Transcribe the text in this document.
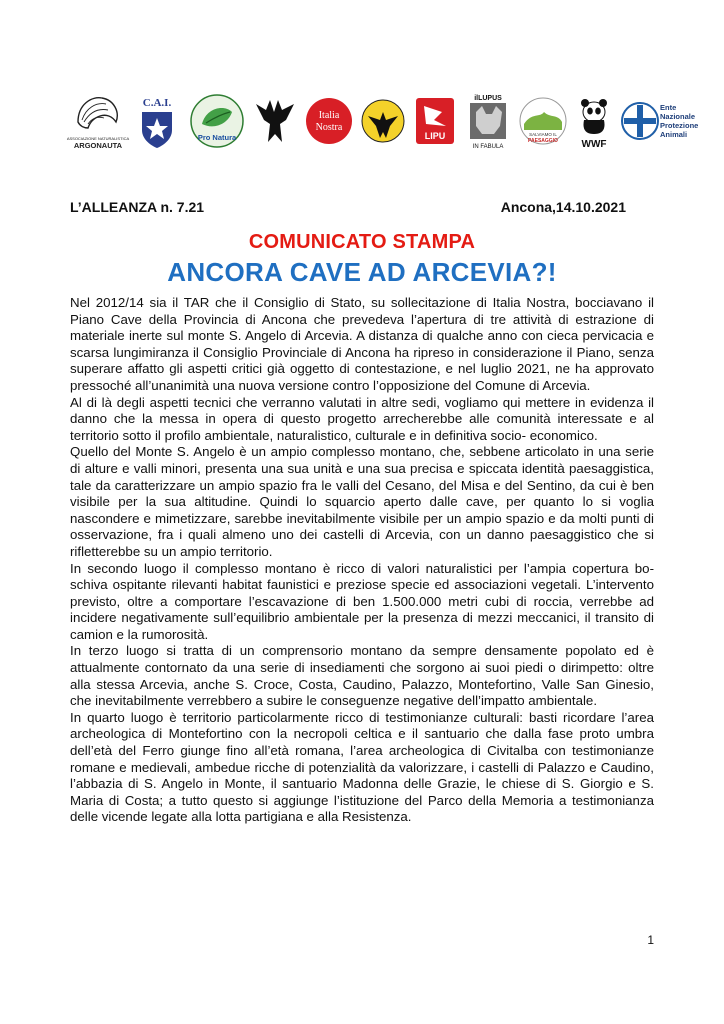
ASSOCIAZIONE NATURALISTICA
ARGONAUTA
C.A.I.
Pro Natura
Italia
Nostra
LIPU
ilLUPUS
IN FABULA
SALVIAMO IL
PAESAGGIO WWF
Ente
Nazionale
Protezione
Animali
L’ALLEANZA n. 7.21	Ancona,14.10.2021
COMUNICATO STAMPA
ANCORA CAVE AD ARCEVIA?!

Nel 2012/14 sia il TAR che il Consiglio di Stato, su sollecitazione di Italia Nostra, bocciavano il Piano Cave della Provincia di Ancona che prevedeva l’apertura di tre attività di estrazione di materiale inerte sul monte S. Angelo di Arcevia. A distanza di qualche anno con cieca pervicacia e scarsa lungimiranza il Consiglio Provinciale di Ancona ha ripreso in considerazione il Piano, senza superare affatto gli aspetti critici già oggetto di contestazione, e nel luglio 2021, ne ha approvato pressoché all’unanimità una nuova versione contro l’opposizione del Comune di Arcevia.

Al di là degli aspetti tecnici che verranno valutati in altre sedi, vogliamo qui mettere in evidenza il danno che la messa in opera di questo progetto arrecherebbe alle comunità interessate e al territorio sotto il profilo ambientale, naturalistico, culturale e in definitiva socio- economico.

Quello del Monte S. Angelo è un ampio complesso montano, che, sebbene articolato in una serie di alture e valli minori, presenta una sua unità e una sua precisa e spiccata identità paesaggistica, tale da caratterizzare un ampio spazio fra le valli del Cesano, del Misa e del Sentino, da cui è ben visibile per la sua altitudine. Quindi lo squarcio aperto dalle cave, per quanto lo si voglia nascondere e mimetizzare, sarebbe inevitabilmente visibile per un ampio spazio e da molti punti di osservazione, fra i quali almeno uno dei castelli di Arcevia, con un danno paesaggistico che si rifletterebbe su un ampio territorio.

In secondo luogo il complesso montano è ricco di valori naturalistici per l’ampia copertura bo-schiva ospitante rilevanti habitat faunistici e preziose specie ed associazioni vegetali. L’intervento previsto, oltre a comportare l’escavazione di ben 1.500.000 metri cubi di roccia, verrebbe ad incidere negativamente sull’equilibrio ambientale per la presenza di mezzi meccanici, il transito di camion e la rumorosità.

In terzo luogo si tratta di un comprensorio montano da sempre densamente popolato ed è attualmente contornato da una serie di insediamenti che sorgono ai suoi piedi o dirimpetto: oltre alla stessa Arcevia, anche S. Croce, Costa, Caudino, Palazzo, Montefortino, Valle San Ginesio, che inevitabilmente verrebbero a subire le conseguenze negative dell’impatto ambientale.

In quarto luogo è territorio particolarmente ricco di testimonianze culturali: basti ricordare l’area archeologica di Montefortino con la necropoli celtica e il santuario che dalla fase proto umbra dell’età del Ferro giunge fino all’età romana, l’area archeologica di Civitalba con testimonianze romane e medievali, ambedue ricche di potenzialità da valorizzare, i castelli di Palazzo e Caudino, l’abbazia di S. Angelo in Monte, il santuario Madonna delle Grazie, le chiese di S. Giorgio e S. Maria di Costa; a tutto questo si aggiunge l’istituzione del Parco della Memoria a testimonianza delle vicende legate alla lotta partigiana e alla Resistenza.

1
